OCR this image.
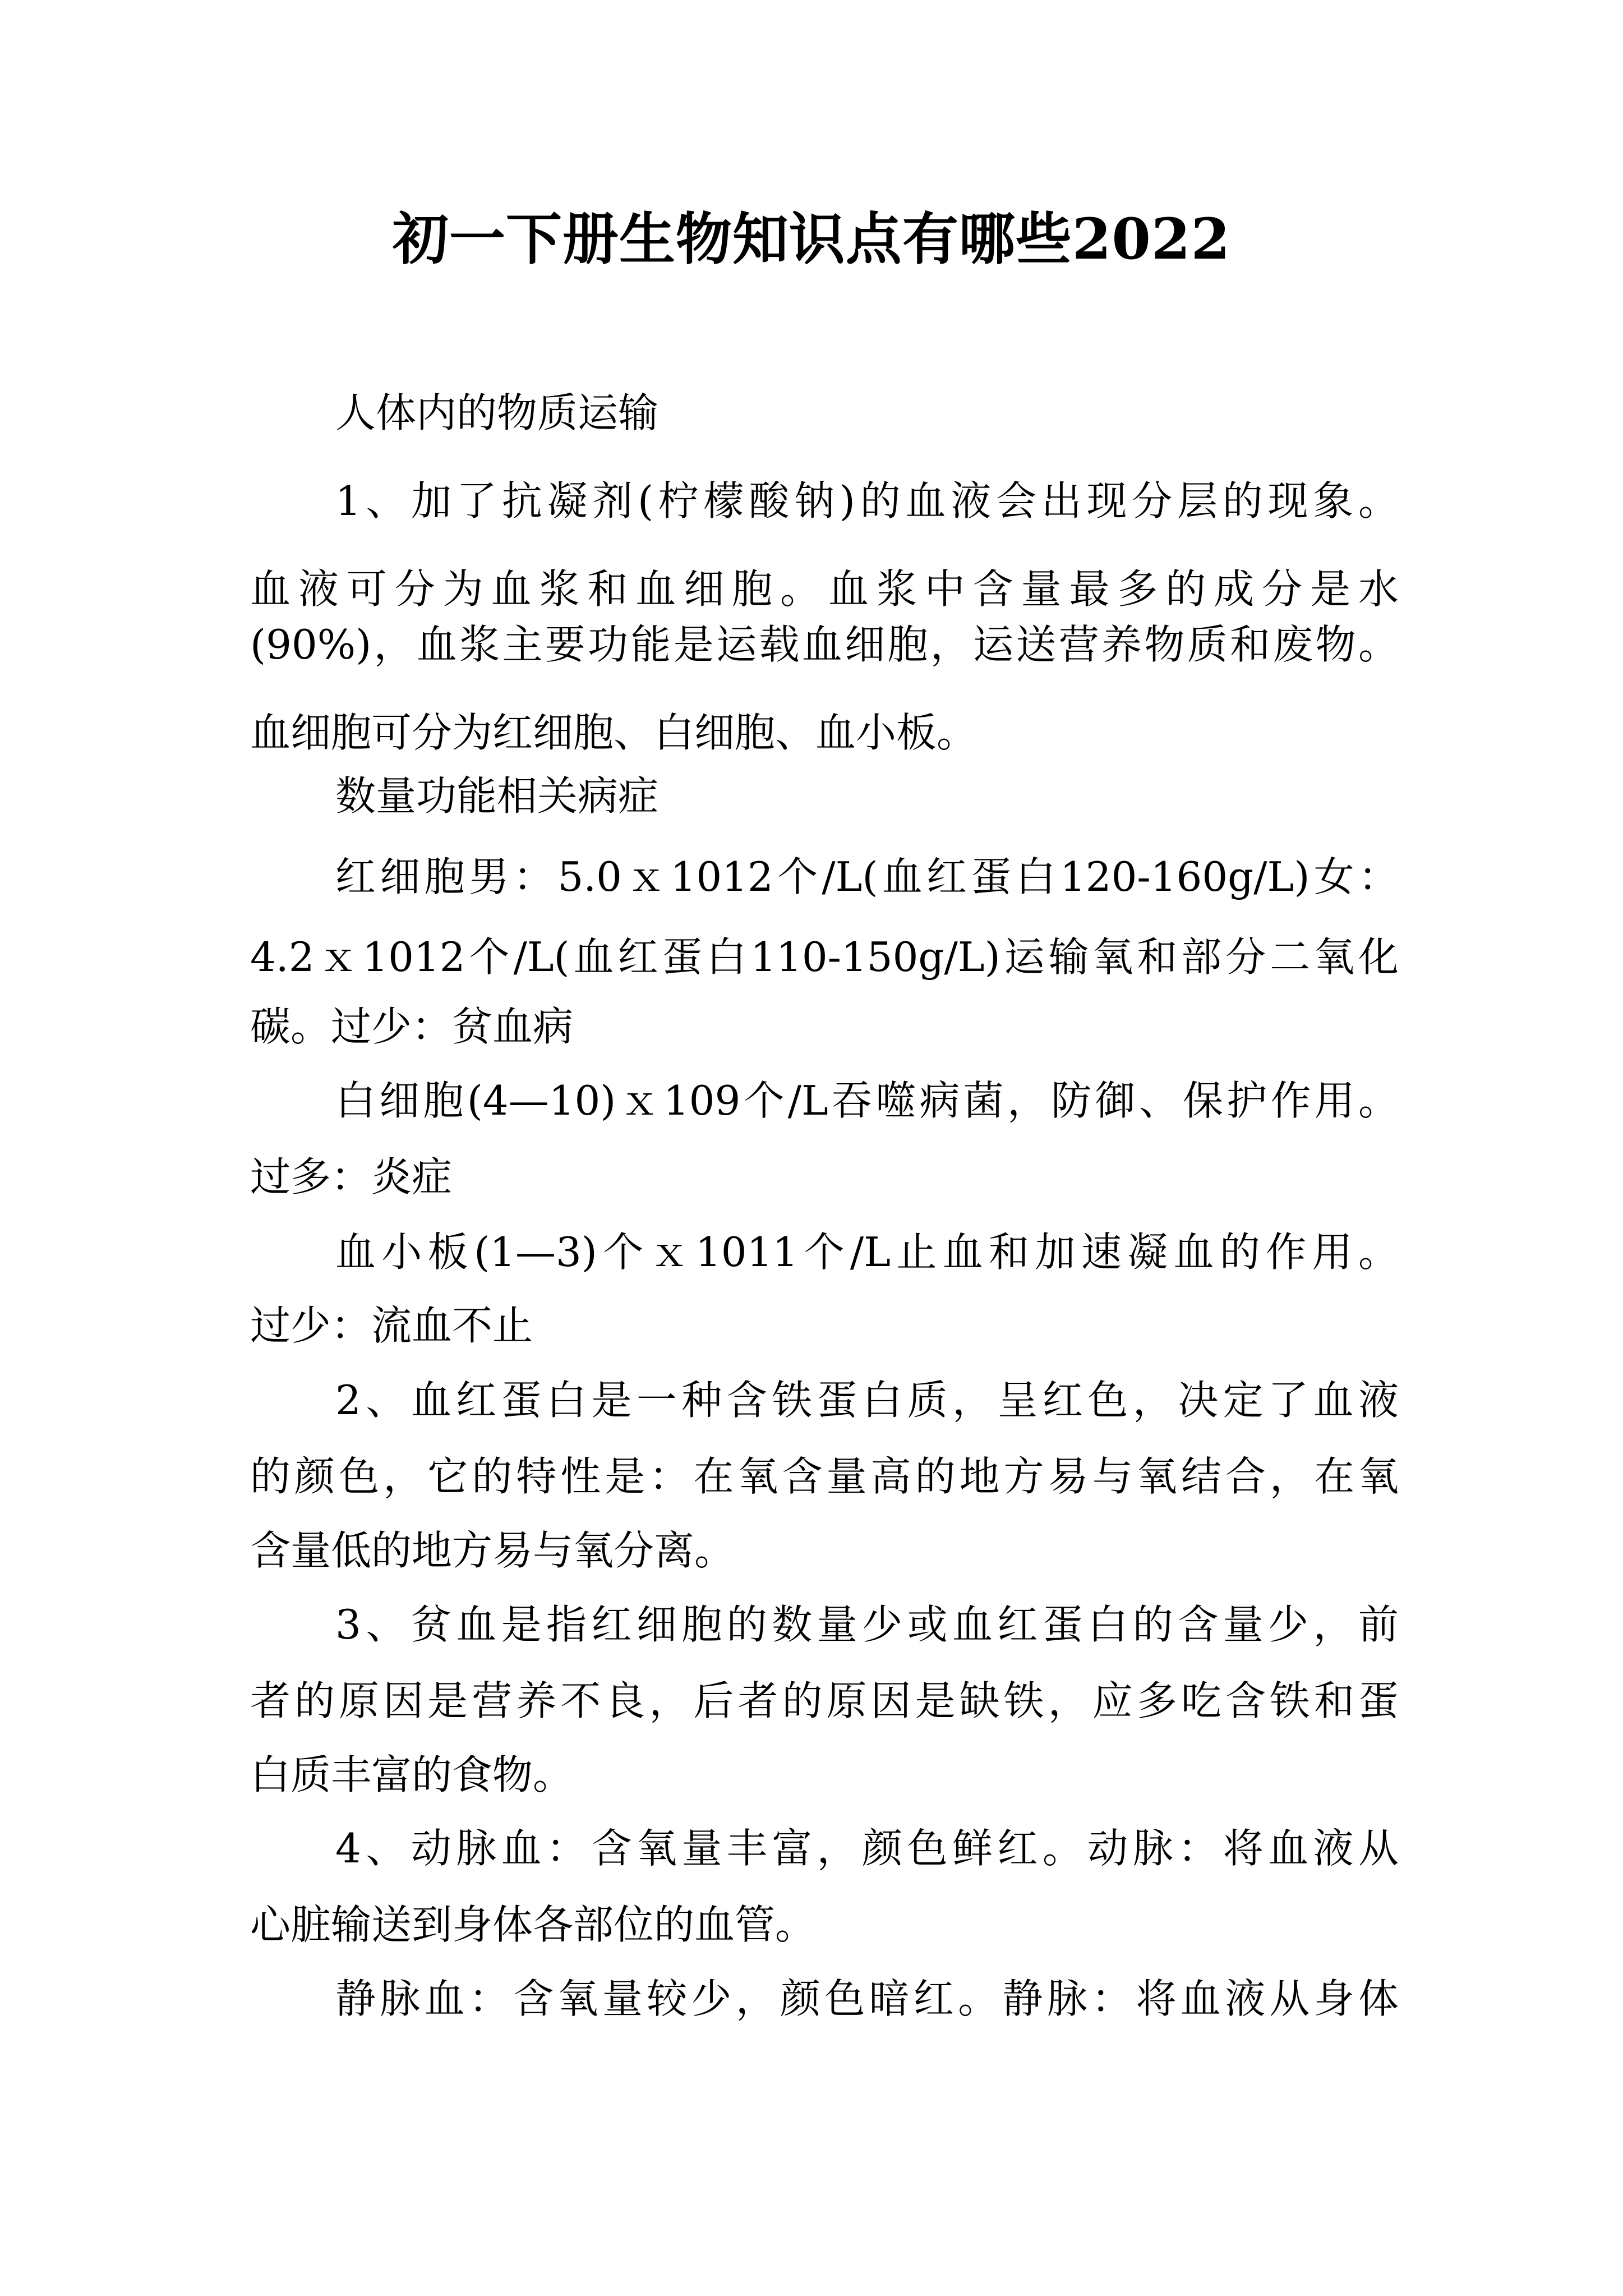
初一下册生物知识点有哪些2022

人体内的物质运输

1、加了抗凝剂(柠檬酸钠)的血液会出现分层的现象。

血液可分为血浆和血细胞。血浆中含量最多的成分是水

(90%)，血浆主要功能是运载血细胞，运送营养物质和废物。

血细胞可分为红细胞、白细胞、血小板。

数量功能相关病症

红细胞男：5.0ｘ1012个/L(血红蛋白120-160g/L)女：

4.2ｘ1012个/L(血红蛋白110-150g/L)运输氧和部分二氧化

碳。过少：贫血病

白细胞(4—10)ｘ109个/L吞噬病菌，防御、保护作用。

过多：炎症

血小板(1—3)个ｘ1011个/L止血和加速凝血的作用。

过少：流血不止

2、血红蛋白是一种含铁蛋白质，呈红色，决定了血液

的颜色，它的特性是：在氧含量高的地方易与氧结合，在氧

含量低的地方易与氧分离。

3、贫血是指红细胞的数量少或血红蛋白的含量少，前

者的原因是营养不良，后者的原因是缺铁，应多吃含铁和蛋

白质丰富的食物。

4、动脉血：含氧量丰富，颜色鲜红。动脉：将血液从

心脏输送到身体各部位的血管。

静脉血：含氧量较少，颜色暗红。静脉：将血液从身体
